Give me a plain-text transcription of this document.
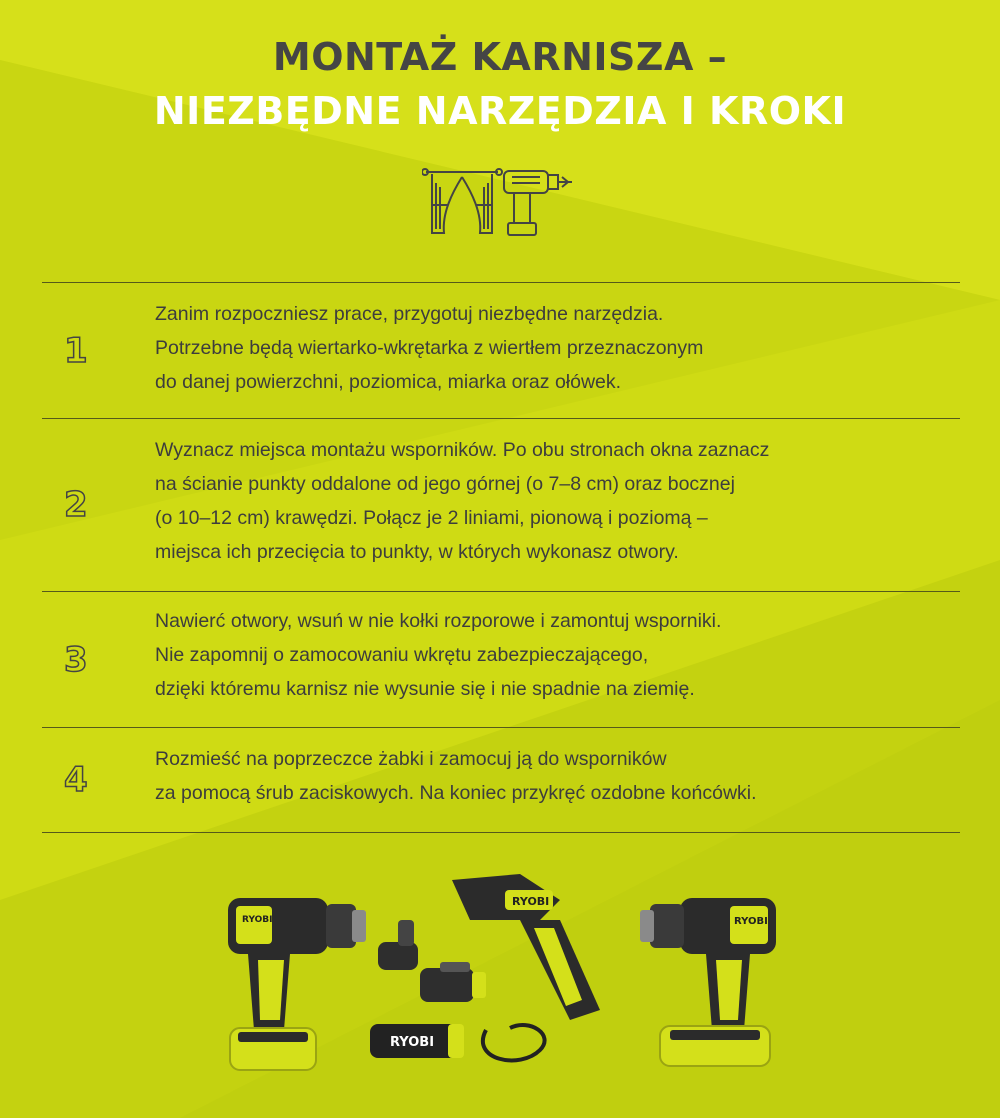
MONTAŻ KARNISZA –
NIEZBĘDNE NARZĘDZIA I KROKI
1
Zanim rozpoczniesz prace, przygotuj niezbędne narzędzia.
Potrzebne będą wiertarko-wkrętarka z wiertłem przeznaczonym
do danej powierzchni, poziomica, miarka oraz ołówek.
2
Wyznacz miejsca montażu wsporników. Po obu stronach okna zaznacz
na ścianie punkty oddalone od jego górnej (o 7–8 cm) oraz bocznej
(o 10–12 cm) krawędzi. Połącz je 2 liniami, pionową i poziomą –
miejsca ich przecięcia to punkty, w których wykonasz otwory.
3
Nawierć otwory, wsuń w nie kołki rozporowe i zamontuj wsporniki.
Nie zapomnij o zamocowaniu wkrętu zabezpieczającego,
dzięki któremu karnisz nie wysunie się i nie spadnie na ziemię.
4
Rozmieść na poprzeczce żabki i zamocuj ją do wsporników
za pomocą śrub zaciskowych. Na koniec przykręć ozdobne końcówki.
RYOBI
RYOBI
RYOBI
RYOBI
